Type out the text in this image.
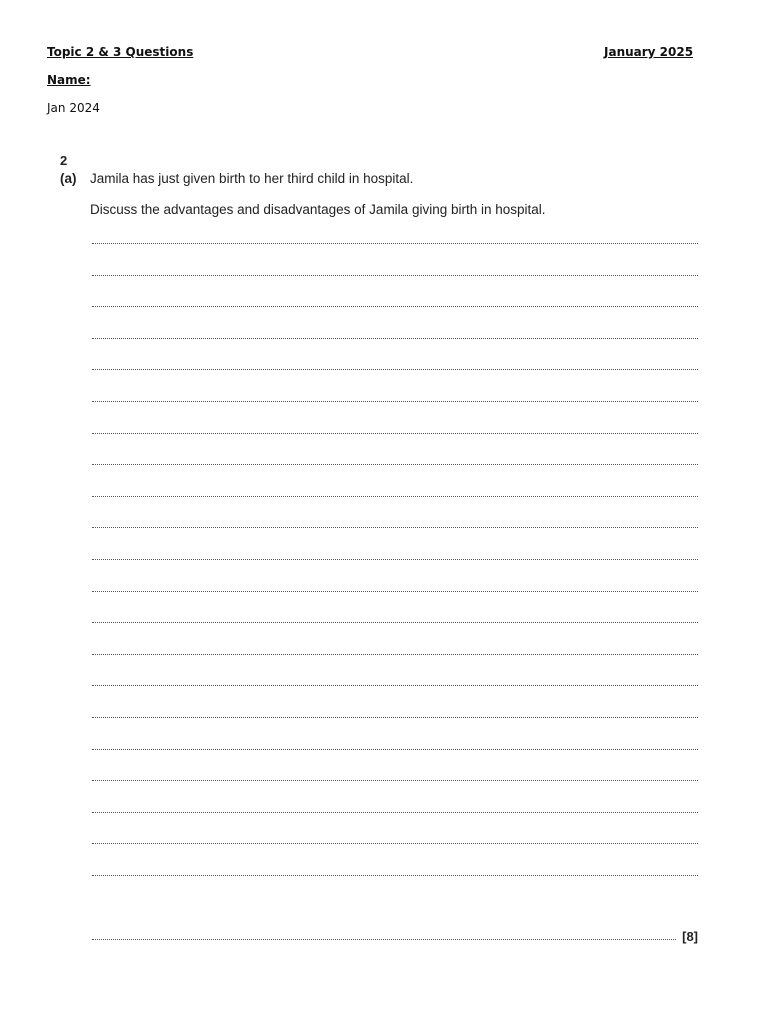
Topic 2 & 3 Questions	January 2025
Name:
Jan 2024
2
(a) Jamila has just given birth to her third child in hospital.
Discuss the advantages and disadvantages of Jamila giving birth in hospital.
[8]
